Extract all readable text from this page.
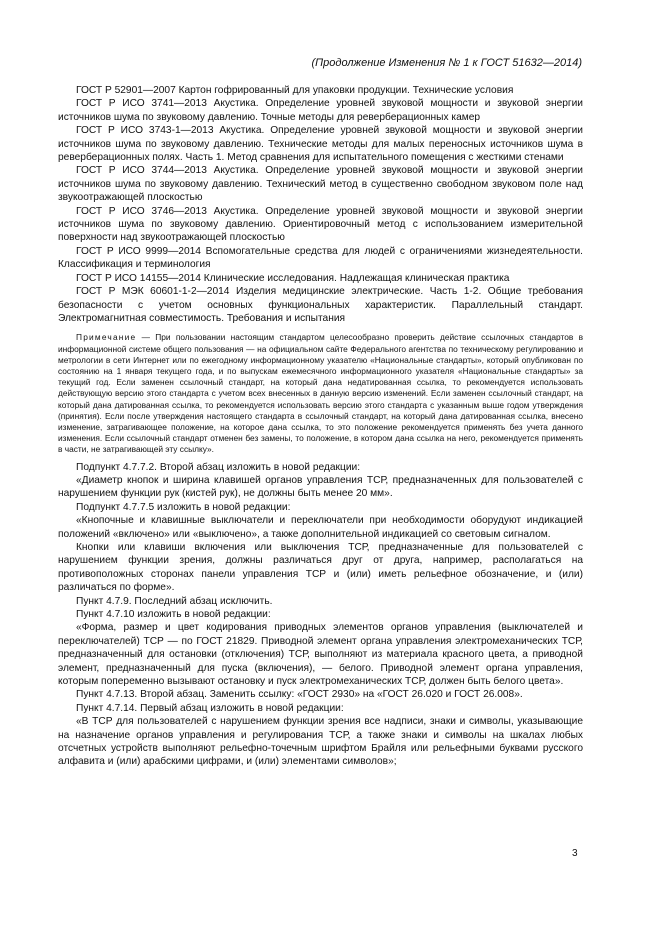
(Продолжение Изменения № 1 к ГОСТ 51632—2014)

ГОСТ Р 52901—2007 Картон гофрированный для упаковки продукции. Технические условия

ГОСТ Р ИСО 3741—2013 Акустика. Определение уровней звуковой мощности и звуковой энергии источников шума по звуковому давлению. Точные методы для реверберационных камер

ГОСТ Р ИСО 3743-1—2013 Акустика. Определение уровней звуковой мощности и звуковой энергии источников шума по звуковому давлению. Технические методы для малых переносных источников шума в реверберационных полях. Часть 1. Метод сравнения для испытательного помещения с жесткими стенами

ГОСТ Р ИСО 3744—2013 Акустика. Определение уровней звуковой мощности и звуковой энергии источников шума по звуковому давлению. Технический метод в существенно свободном звуковом поле над звукоотражающей плоскостью

ГОСТ Р ИСО 3746—2013 Акустика. Определение уровней звуковой мощности и звуковой энергии источников шума по звуковому давлению. Ориентировочный метод с использованием измерительной поверхности над звукоотражающей плоскостью

ГОСТ Р ИСО 9999—2014 Вспомогательные средства для людей с ограничениями жизнедеятельности. Классификация и терминология

ГОСТ Р ИСО 14155—2014 Клинические исследования. Надлежащая клиническая практика

ГОСТ Р МЭК 60601-1-2—2014 Изделия медицинские электрические. Часть 1-2. Общие требования безопасности с учетом основных функциональных характеристик. Параллельный стандарт. Электромагнитная совместимость. Требования и испытания

Примечание — При пользовании настоящим стандартом целесообразно проверить действие ссылочных стандартов в информационной системе общего пользования — на официальном сайте Федерального агентства по техническому регулированию и метрологии в сети Интернет или по ежегодному информационному указателю «Национальные стандарты», который опубликован по состоянию на 1 января текущего года, и по выпускам ежемесячного информационного указателя «Национальные стандарты» за текущий год. Если заменен ссылочный стандарт, на который дана недатированная ссылка, то рекомендуется использовать действующую версию этого стандарта с учетом всех внесенных в данную версию изменений. Если заменен ссылочный стандарт, на который дана датированная ссылка, то рекомендуется использовать версию этого стандарта с указанным выше годом утверждения (принятия). Если после утверждения настоящего стандарта в ссылочный стандарт, на который дана датированная ссылка, внесено изменение, затрагивающее положение, на которое дана ссылка, то это положение рекомендуется применять без учета данного изменения. Если ссылочный стандарт отменен без замены, то положение, в котором дана ссылка на него, рекомендуется применять в части, не затрагивающей эту ссылку».

Подпункт 4.7.7.2. Второй абзац изложить в новой редакции:

«Диаметр кнопок и ширина клавишей органов управления ТСР, предназначенных для пользователей с нарушением функции рук (кистей рук), не должны быть менее 20 мм».

Подпункт 4.7.7.5 изложить в новой редакции:

«Кнопочные и клавишные выключатели и переключатели при необходимости оборудуют индикацией положений «включено» или «выключено», а также дополнительной индикацией со световым сигналом.

Кнопки или клавиши включения или выключения ТСР, предназначенные для пользователей с нарушением функции зрения, должны различаться друг от друга, например, располагаться на противоположных сторонах панели управления ТСР и (или) иметь рельефное обозначение, и (или) различаться по форме».

Пункт 4.7.9. Последний абзац исключить.

Пункт 4.7.10 изложить в новой редакции:

«Форма, размер и цвет кодирования приводных элементов органов управления (выключателей и переключателей) ТСР — по ГОСТ 21829. Приводной элемент органа управления электромеханических ТСР, предназначенный для остановки (отключения) ТСР, выполняют из материала красного цвета, а приводной элемент, предназначенный для пуска (включения), — белого. Приводной элемент органа управления, которым попеременно вызывают остановку и пуск электромеханических ТСР, должен быть белого цвета».

Пункт 4.7.13. Второй абзац. Заменить ссылку: «ГОСТ 2930» на «ГОСТ 26.020 и ГОСТ 26.008».

Пункт 4.7.14. Первый абзац изложить в новой редакции:

«В ТСР для пользователей с нарушением функции зрения все надписи, знаки и символы, указывающие на назначение органов управления и регулирования ТСР, а также знаки и символы на шкалах любых отсчетных устройств выполняют рельефно-точечным шрифтом Брайля или рельефными буквами русского алфавита и (или) арабскими цифрами, и (или) элементами символов»;

3
